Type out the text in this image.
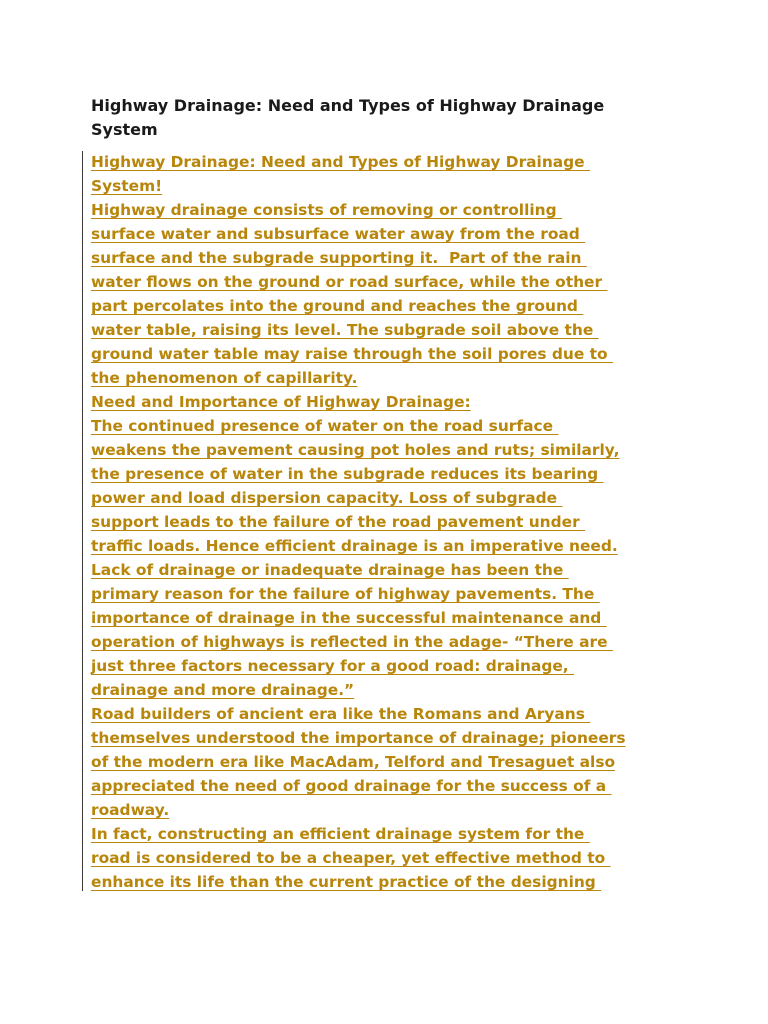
Highway Drainage: Need and Types of Highway Drainage
System
Highway Drainage: Need and Types of Highway Drainage
System!
Highway drainage consists of removing or controlling
surface water and subsurface water away from the road
surface and the subgrade supporting it.  Part of the rain
water flows on the ground or road surface, while the other
part percolates into the ground and reaches the ground
water table, raising its level. The subgrade soil above the
ground water table may raise through the soil pores due to
the phenomenon of capillarity.
Need and Importance of Highway Drainage:
The continued presence of water on the road surface
weakens the pavement causing pot holes and ruts; similarly,
the presence of water in the subgrade reduces its bearing
power and load dispersion capacity. Loss of subgrade
support leads to the failure of the road pavement under
traffic loads. Hence efficient drainage is an imperative need.
Lack of drainage or inadequate drainage has been the
primary reason for the failure of highway pavements. The
importance of drainage in the successful maintenance and
operation of highways is reflected in the adage- “There are
just three factors necessary for a good road: drainage,
drainage and more drainage.”
Road builders of ancient era like the Romans and Aryans
themselves understood the importance of drainage; pioneers
of the modern era like MacAdam, Telford and Tresaguet also
appreciated the need of good drainage for the success of a
roadway.
In fact, constructing an efficient drainage system for the
road is considered to be a cheaper, yet effective method to
enhance its life than the current practice of the designing
